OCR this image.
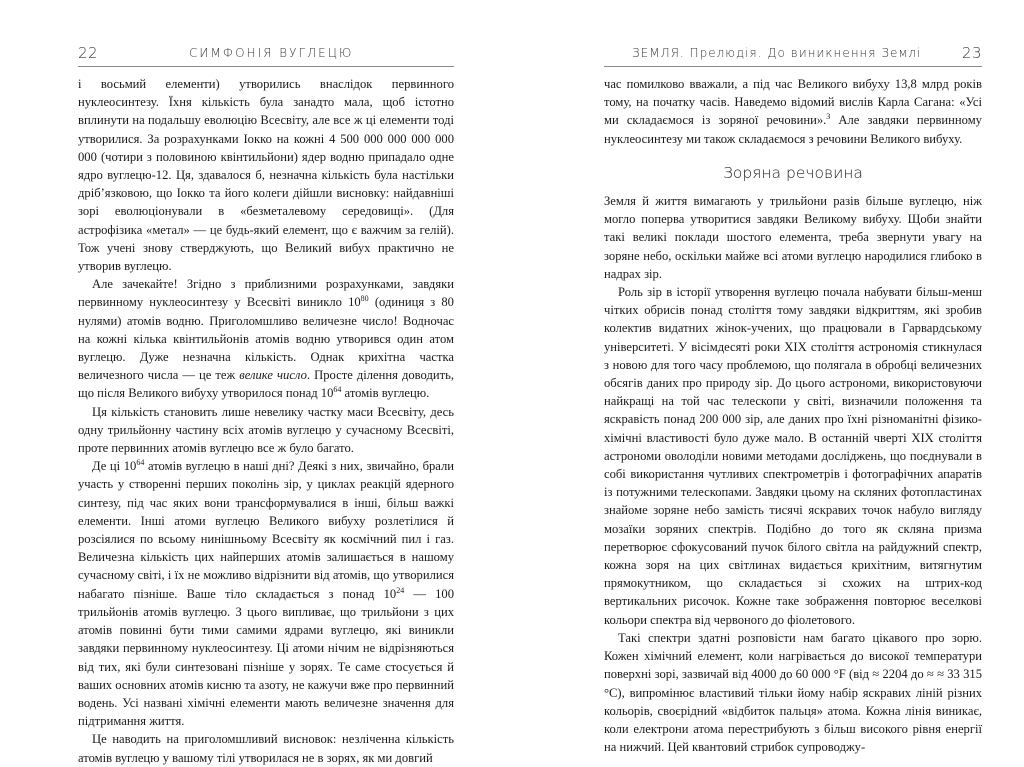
22	СИМФОНІЯ ВУГЛЕЦЮ

і восьмий елементи) утворились внаслідок первинного нуклеосинтезу. Їхня кількість була занадто мала, щоб істотно вплинути на подальшу еволюцію Всесвіту, але все ж ці елементи тоді утворилися. За розрахунками Іокко на кожні 4 500 000 000 000 000 000 (чотири з половиною квінтильйони) ядер водню припадало одне ядро вуглецю-12. Ця, здавалося б, незначна кількість була настільки дріб’язковою, що Іокко та його колеги дійшли висновку: найдавніші зорі еволюціонували в «безметалевому середовищі». (Для астрофізика «метал» — це будь-який елемент, що є важчим за гелій). Тож учені знову стверджують, що Великий вибух практично не утворив вуглецю.

Але зачекайте! Згідно з приблизними розрахунками, завдяки первинному нуклеосинтезу у Всесвіті виникло $10^{80}$ (одиниця з 80 нулями) атомів водню. Приголомшливо величезне число! Водночас на кожні кілька квінтильйонів атомів водню утворився один атом вуглецю. Дуже незначна кількість. Однак крихітна частка величезного числа — це теж велике число. Просте ділення доводить, що після Великого вибуху утворилося понад $10^{64}$ атомів вуглецю.

Ця кількість становить лише невелику частку маси Всесвіту, десь одну трильйонну частину всіх атомів вуглецю у сучасному Всесвіті, проте первинних атомів вуглецю все ж було багато.

Де ці $10^{64}$ атомів вуглецю в наші дні? Деякі з них, звичайно, брали участь у створенні перших поколінь зір, у циклах реакцій ядерного синтезу, під час яких вони трансформувалися в інші, більш важкі елементи. Інші атоми вуглецю Великого вибуху розлетілися й розсіялися по всьому нинішньому Всесвіту як космічний пил і газ. Величезна кількість цих найперших атомів залишається в нашому сучасному світі, і їх не можливо відрізнити від атомів, що утворилися набагато пізніше. Ваше тіло складається з понад $10^{24}$ — 100 трильйонів атомів вуглецю. З цього випливає, що трильйони з цих атомів повинні бути тими самими ядрами вуглецю, які виникли завдяки первинному нуклеосинтезу. Ці атоми нічим не відрізняються від тих, які були синтезовані пізніше у зорях. Те саме стосується й ваших основних атомів кисню та азоту, не кажучи вже про первинний водень. Усі названі хімічні елементи мають величезне значення для підтримання життя.

Це наводить на приголомшливий висновок: незліченна кількість атомів вуглецю у вашому тілі утворилася не в зорях, як ми довгий

ЗЕМЛЯ. Прелюдія. До виникнення Землі	23

час помилково вважали, а під час Великого вибуху 13,8 млрд років тому, на початку часів. Наведемо відомий вислів Карла Сагана: «Усі ми складаємося із зоряної речовини».$^3$ Але завдяки первинному нуклеосинтезу ми також складаємося з речовини Великого вибуху.

Зоряна речовина

Земля й життя вимагають у трильйони разів більше вуглецю, ніж могло поперва утворитися завдяки Великому вибуху. Щоби знайти такі великі поклади шостого елемента, треба звернути увагу на зоряне небо, оскільки майже всі атоми вуглецю народилися глибоко в надрах зір.

Роль зір в історії утворення вуглецю почала набувати більш-менш чітких обрисів понад століття тому завдяки відкриттям, які зробив колектив видатних жінок-учених, що працювали в Гарвардському університеті. У вісімдесяті роки XIX століття астрономія стикнулася з новою для того часу проблемою, що полягала в обробці величезних обсягів даних про природу зір. До цього астрономи, використовуючи найкращі на той час телескопи у світі, визначили положення та яскравість понад 200 000 зір, але даних про їхні різноманітні фізико-хімічні властивості було дуже мало. В останній чверті XIX століття астрономи оволоділи новими методами досліджень, що поєднували в собі використання чутливих спектрометрів і фотографічних апаратів із потужними телескопами. Завдяки цьому на скляних фотопластинах знайоме зоряне небо замість тисячі яскравих точок набуло вигляду мозаїки зоряних спектрів. Подібно до того як скляна призма перетворює сфокусований пучок білого світла на райдужний спектр, кожна зоря на цих світлинах видається крихітним, витягнутим прямокутником, що складається зі схожих на штрих-код вертикальних рисочок. Кожне таке зображення повторює веселкові кольори спектра від червоного до фіолетового.

Такі спектри здатні розповісти нам багато цікавого про зорю. Кожен хімічний елемент, коли нагрівається до високої температури поверхні зорі, зазвичай від 4000 до 60 000 °F (від ≈ 2204 до ≈ ≈ 33 315 °С), випромінює властивий тільки йому набір яскравих ліній різних кольорів, своєрідний «відбиток пальця» атома. Кожна лінія виникає, коли електрони атома перестрибують з більш високого рівня енергії на нижчий. Цей квантовий стрибок супроводжу-
